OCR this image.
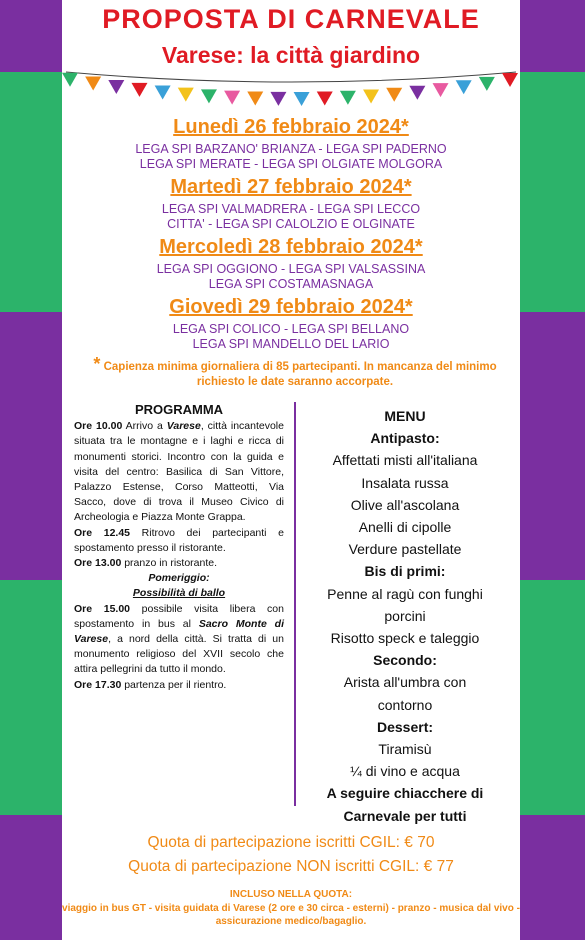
PROPOSTA DI CARNEVALE
Varese: la città giardino
Lunedì 26 febbraio 2024*
LEGA SPI BARZANO' BRIANZA - LEGA SPI PADERNO
LEGA SPI MERATE - LEGA SPI OLGIATE MOLGORA
Martedì 27 febbraio 2024*
LEGA SPI VALMADRERA - LEGA SPI LECCO
CITTA' - LEGA SPI CALOLZIO E OLGINATE
Mercoledì 28 febbraio 2024*
LEGA SPI OGGIONO - LEGA SPI VALSASSINA
LEGA SPI COSTAMASNAGA
Giovedì 29 febbraio 2024*
LEGA SPI COLICO - LEGA SPI BELLANO
LEGA SPI MANDELLO DEL LARIO
* Capienza minima giornaliera di 85 partecipanti. In mancanza del minimo richiesto le date saranno accorpate.
PROGRAMMA

Ore 10.00 Arrivo a Varese, città incantevole situata tra le montagne e i laghi e ricca di monumenti storici. Incontro con la guida e visita del centro: Basilica di San Vittore, Palazzo Estense, Corso Matteotti, Via Sacco, dove di trova il Museo Civico di Archeologia e Piazza Monte Grappa.

Ore 12.45 Ritrovo dei partecipanti e spostamento presso il ristorante.

Ore 13.00 pranzo in ristorante.

Pomeriggio:

Possibilità di ballo

Ore 15.00 possibile visita libera con spostamento in bus al Sacro Monte di Varese, a nord della città. Si tratta di un monumento religioso del XVII secolo che attira pellegrini da tutto il mondo.

Ore 17.30 partenza per il rientro.

MENU
Antipasto:
Affettati misti all'italiana
Insalata russa
Olive all'ascolana
Anelli di cipolle
Verdure pastellate
Bis di primi:
Penne al ragù con funghi porcini
Risotto speck e taleggio
Secondo:
Arista all'umbra con contorno
Dessert:
Tiramisù
¼ di vino e acqua
A seguire chiacchere di Carnevale per tutti
Quota di partecipazione iscritti CGIL: € 70
Quota di partecipazione NON iscritti CGIL: € 77
INCLUSO NELLA QUOTA:
viaggio in bus GT - visita guidata di Varese (2 ore e 30 circa - esterni) - pranzo - musica dal vivo - assicurazione medico/bagaglio.
